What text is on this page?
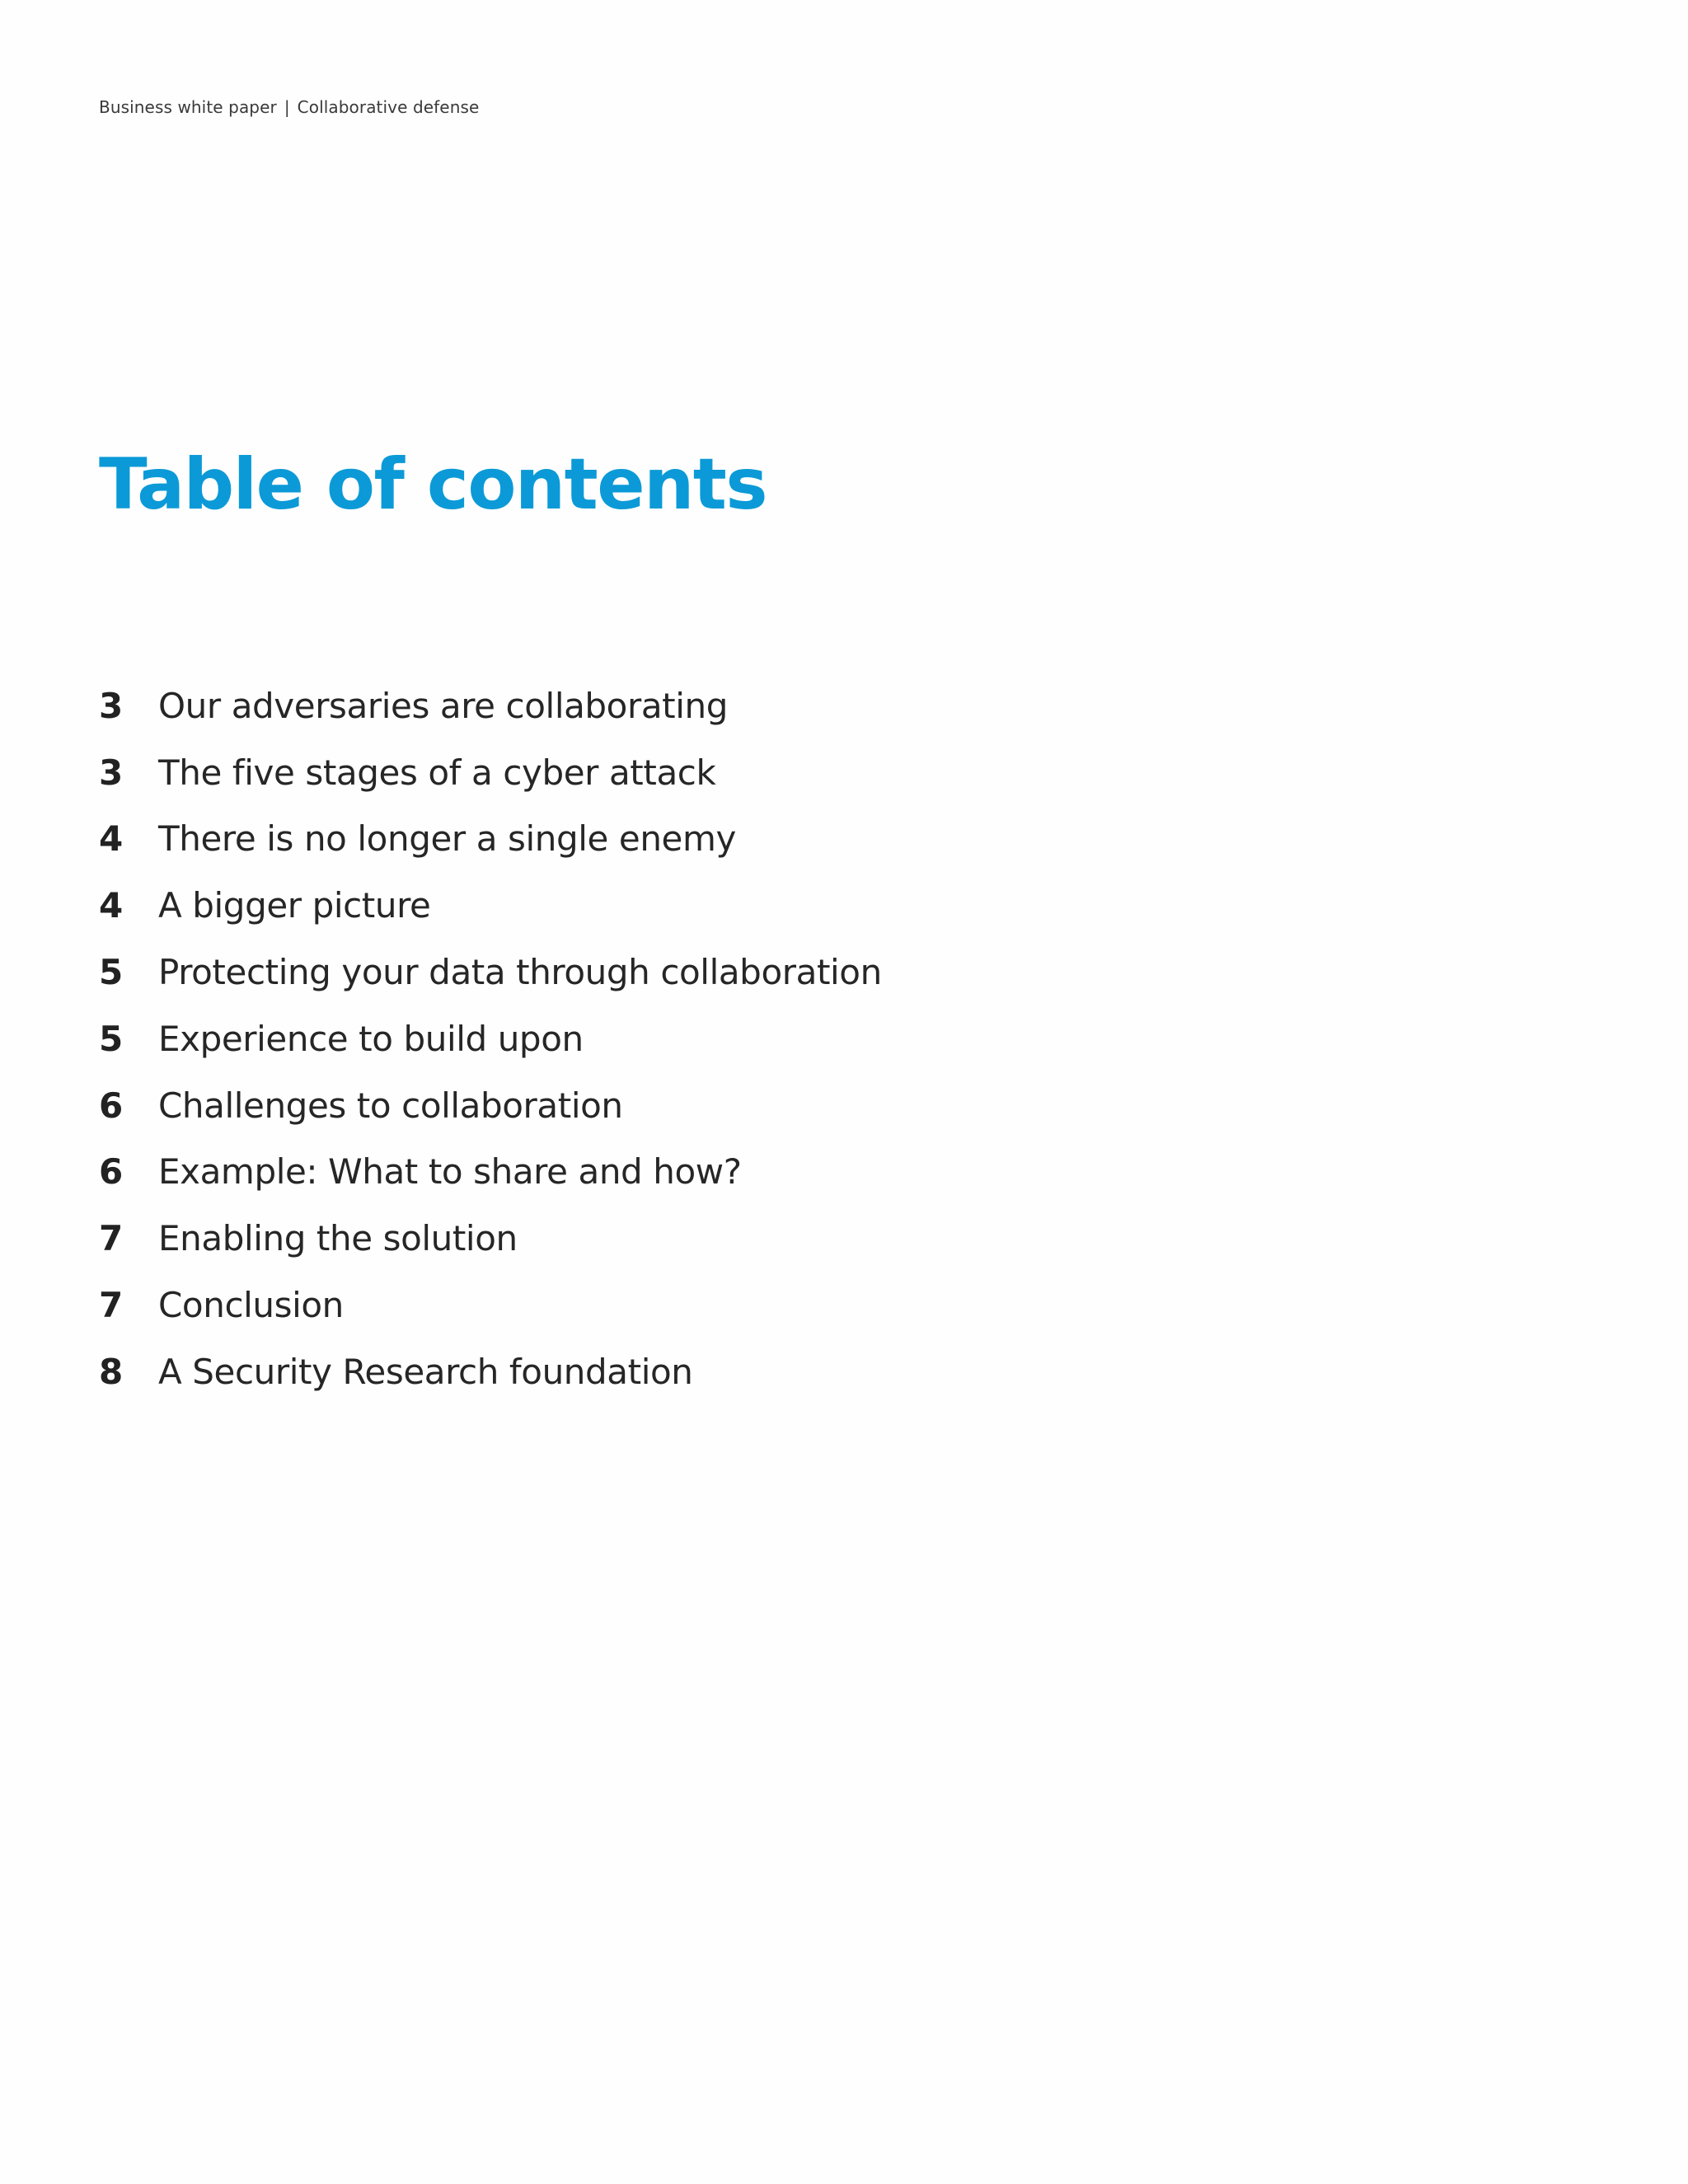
Business white paper | Collaborative defense
Table of contents
3	Our adversaries are collaborating
3	The five stages of a cyber attack
4	There is no longer a single enemy
4	A bigger picture
5	Protecting your data through collaboration
5	Experience to build upon
6	Challenges to collaboration
6	Example: What to share and how?
7	Enabling the solution
7	Conclusion
8	A Security Research foundation
